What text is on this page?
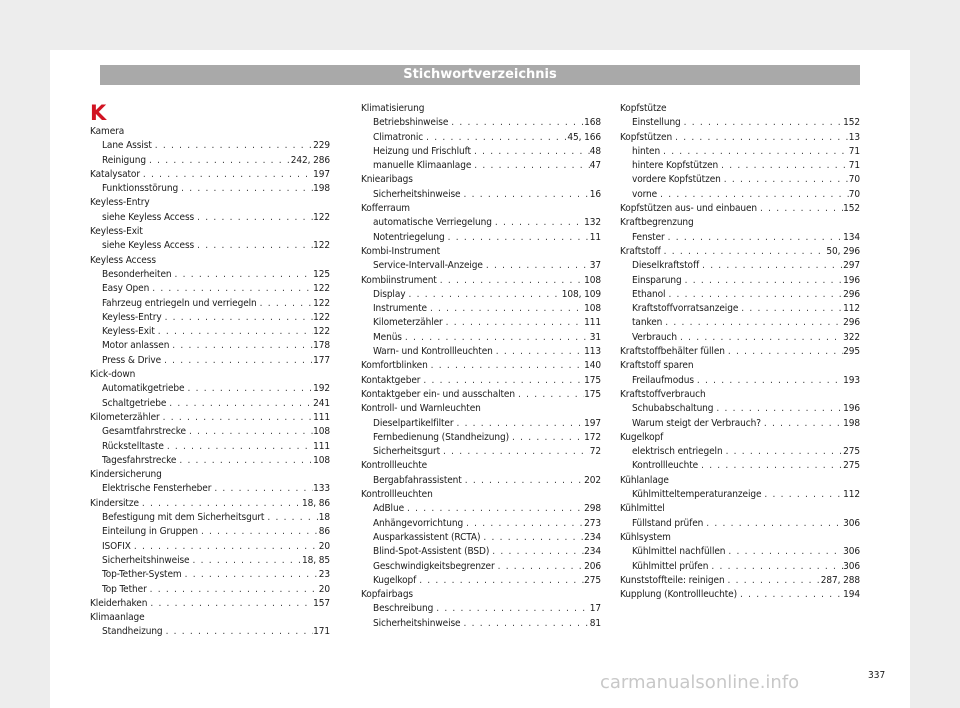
Stichwortverzeichnis
K
Kamera
Lane Assist . . .	229
Reinigung . . .	242, 286
Katalysator . . .	197
Funktionsstörung . . .	198
Keyless-Entry
siehe Keyless Access . . .	122
Keyless-Exit
siehe Keyless Access . . .	122
Keyless Access
Besonderheiten . . .	125
Easy Open . . .	122
Fahrzeug entriegeln und verriegeln . . .	122
Keyless-Entry . . .	122
Keyless-Exit . . .	122
Motor anlassen . . .	178
Press & Drive . . .	177
Kick-down
Automatikgetriebe . . .	192
Schaltgetriebe . . .	241
Kilometerzähler . . .	111
Gesamtfahrstrecke . . .	108
Rückstelltaste . . .	111
Tagesfahrstrecke . . .	108
Kindersicherung
Elektrische Fensterheber . . .	133
Kindersitze . . .	18, 86
Befestigung mit dem Sicherheitsgurt . . .	18
Einteilung in Gruppen . . .	86
ISOFIX . . .	20
Sicherheitshinweise . . .	18, 85
Top-Tether-System . . .	23
Top Tether . . .	20
Kleiderhaken . . .	157
Klimaanlage
Standheizung . . .	171
Klimatisierung
Betriebshinweise . . .	168
Climatronic . . .	45, 166
Heizung und Frischluft . . .	48
manuelle Klimaanlage . . .	47
Kniearibags
Sicherheitshinweise . . .	16
Kofferraum
automatische Verriegelung . . .	132
Notentriegelung . . .	11
Kombi-Instrument
Service-Intervall-Anzeige . . .	37
Kombiinstrument . . .	108
Display . . .	108, 109
Instrumente . . .	108
Kilometerzähler . . .	111
Menüs . . .	31
Warn- und Kontrollleuchten . . .	113
Komfortblinken . . .	140
Kontaktgeber . . .	175
Kontaktgeber ein- und ausschalten . . .	175
Kontroll- und Warnleuchten
Dieselpartikelfilter . . .	197
Fernbedienung (Standheizung) . . .	172
Sicherheitsgurt . . .	72
Kontrollleuchte
Bergabfahrassistent . . .	202
Kontrollleuchten
AdBlue . . .	298
Anhängevorrichtung . . .	273
Ausparkassistent (RCTA) . . .	234
Blind-Spot-Assistent (BSD) . . .	234
Geschwindigkeitsbegrenzer . . .	206
Kugelkopf . . .	275
Kopfairbags
Beschreibung . . .	17
Sicherheitshinweise . . .	81
Kopfstütze
Einstellung . . .	152
Kopfstützen . . .	13
hinten . . .	71
hintere Kopfstützen . . .	71
vordere Kopfstützen . . .	70
vorne . . .	70
Kopfstützen aus- und einbauen . . .	152
Kraftbegrenzung
Fenster . . .	134
Kraftstoff . . .	50, 296
Dieselkraftstoff . . .	297
Einsparung . . .	196
Ethanol . . .	296
Kraftstoffvorratsanzeige . . .	112
tanken . . .	296
Verbrauch . . .	322
Kraftstoffbehälter füllen . . .	295
Kraftstoff sparen
Freilaufmodus . . .	193
Kraftstoffverbrauch
Schubabschaltung . . .	196
Warum steigt der Verbrauch? . . .	198
Kugelkopf
elektrisch entriegeln . . .	275
Kontrollleuchte . . .	275
Kühlanlage
Kühlmitteltemperaturanzeige . . .	112
Kühlmittel
Füllstand prüfen . . .	306
Kühlsystem
Kühlmittel nachfüllen . . .	306
Kühlmittel prüfen . . .	306
Kunststoffteile: reinigen . . .	287, 288
Kupplung (Kontrollleuchte) . . .	194
337
carmanualsonline.info
